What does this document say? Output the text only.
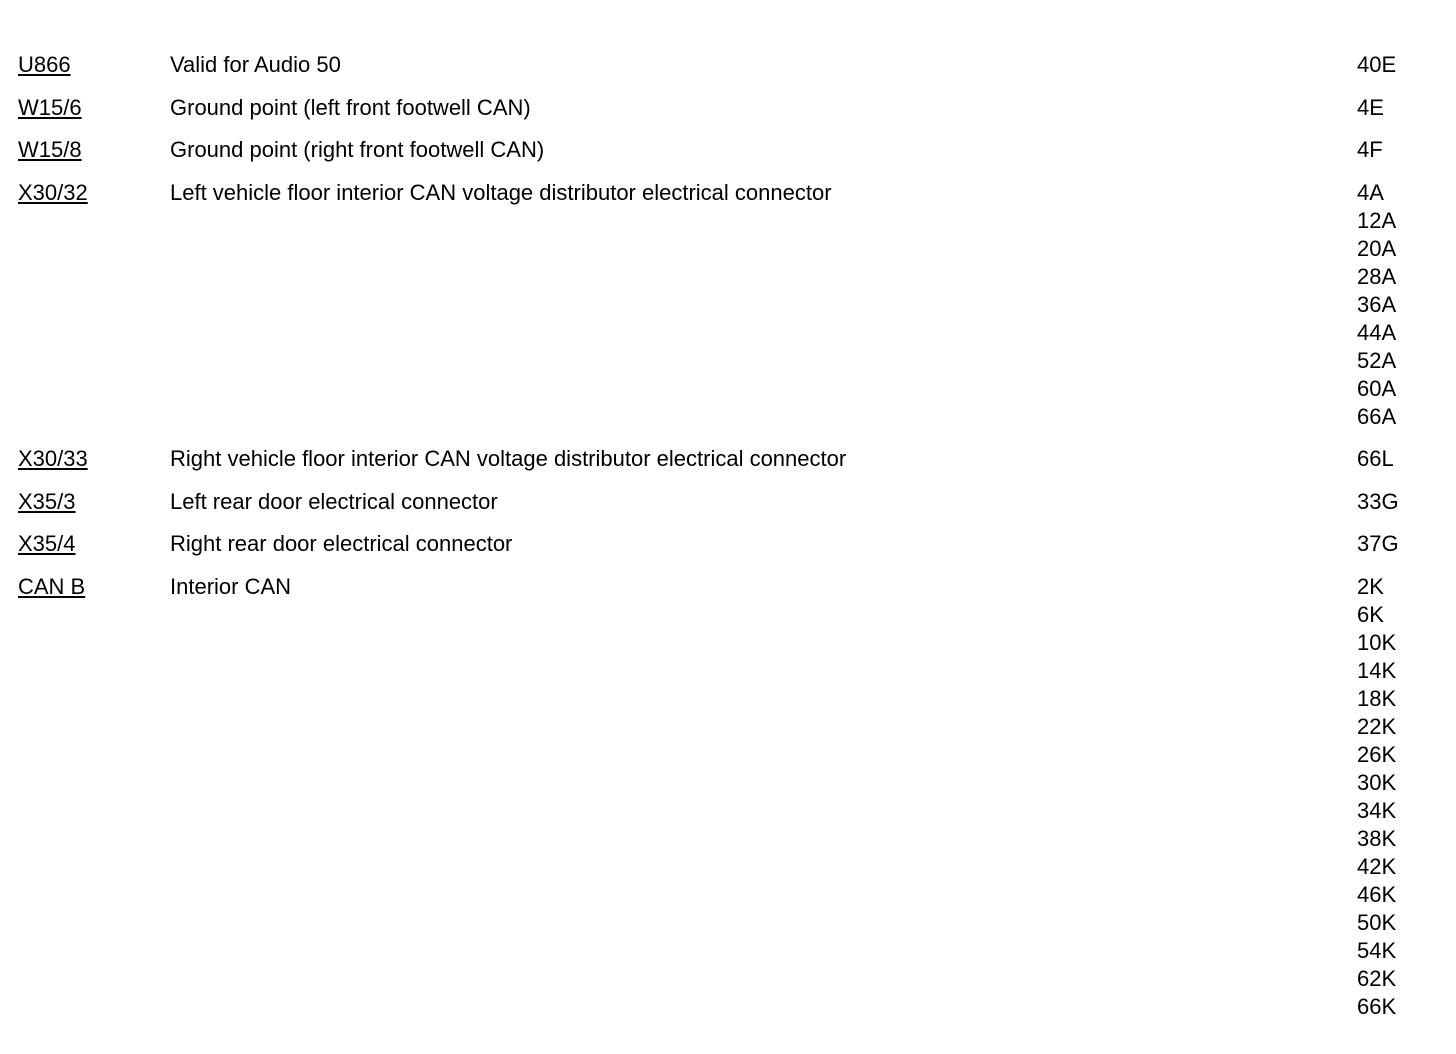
U866	Valid for Audio 50	40E
W15/6	Ground point (left front footwell CAN)	4E
W15/8	Ground point (right front footwell CAN)	4F
X30/32	Left vehicle floor interior CAN voltage distributor electrical connector	4A
12A
20A
28A
36A
44A
52A
60A
66A
X30/33	Right vehicle floor interior CAN voltage distributor electrical connector	66L
X35/3	Left rear door electrical connector	33G
X35/4	Right rear door electrical connector	37G
CAN B	Interior CAN	2K
6K
10K
14K
18K
22K
26K
30K
34K
38K
42K
46K
50K
54K
62K
66K
